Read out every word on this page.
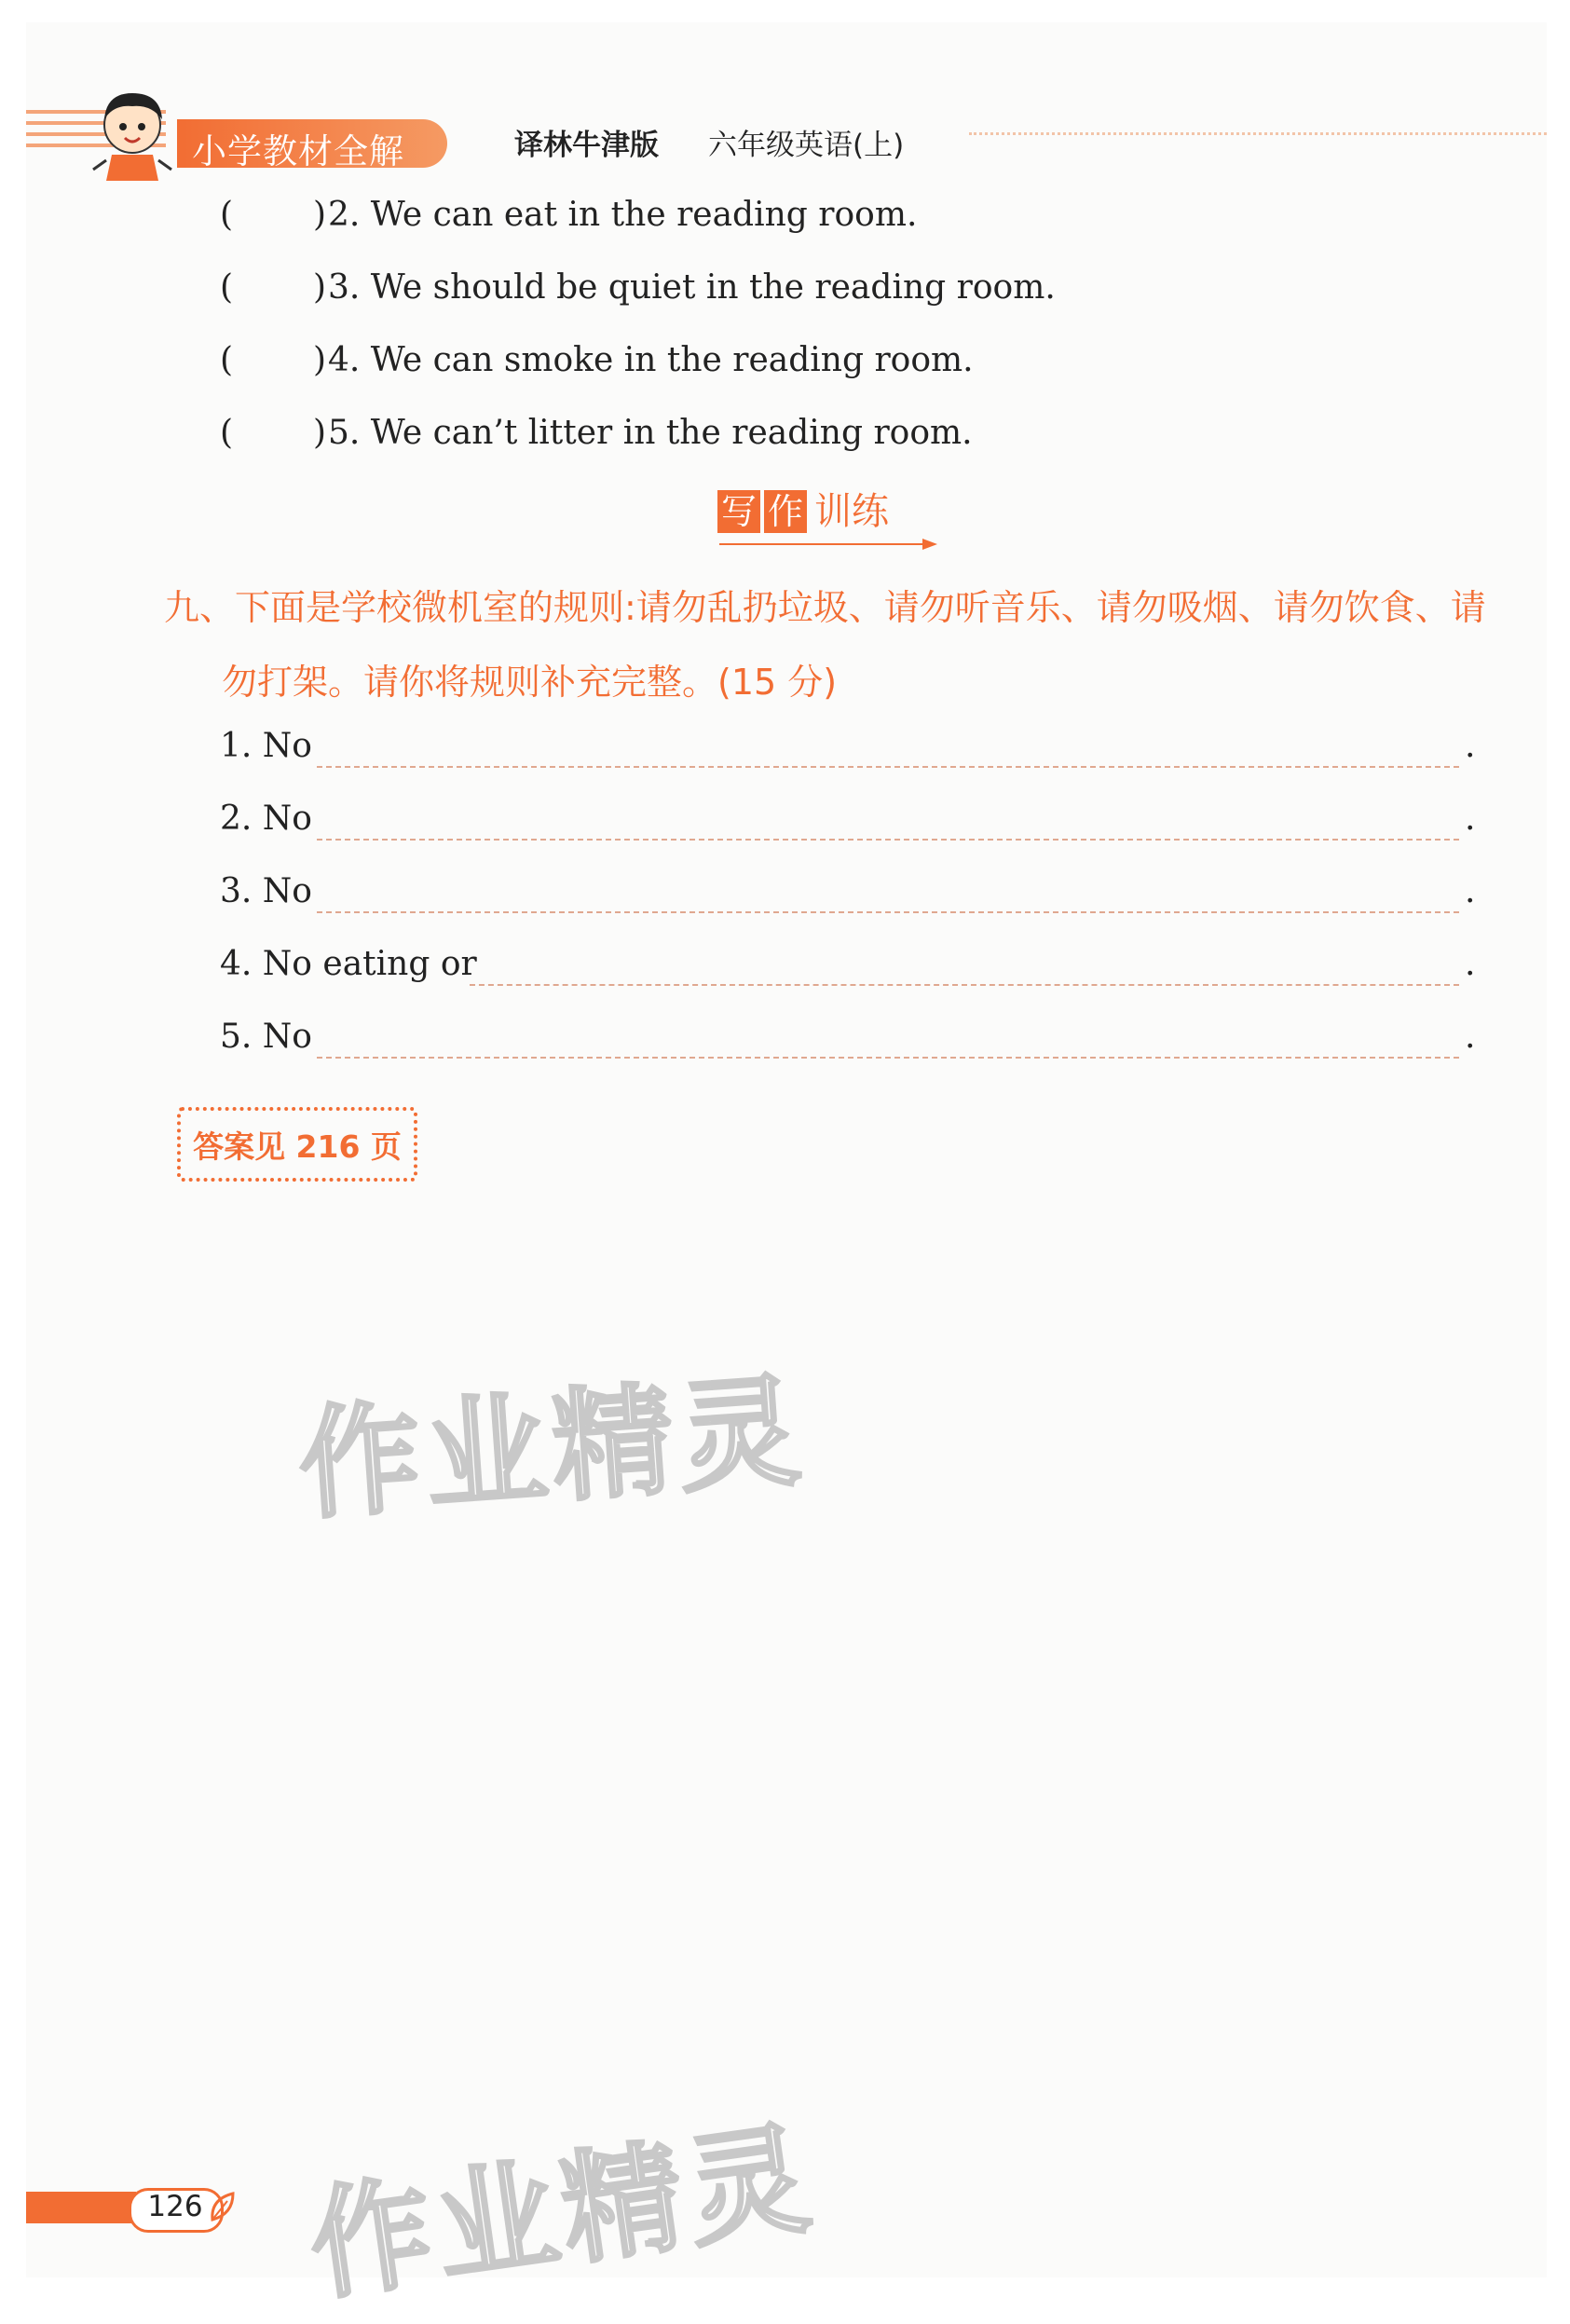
小学教材全解	译林牛津版 六年级英语(上)
( ) 2. We can eat in the reading room.
( ) 3. We should be quiet in the reading room.
( ) 4. We can smoke in the reading room.
( ) 5. We can’t litter in the reading room.
写 作 训练
九、下面是学校微机室的规则:请勿乱扔垃圾、请勿听音乐、请勿吸烟、请勿饮食、请
勿打架。请你将规则补充完整。(15 分)
1. No	.
2. No	.
3. No	.
4. No eating or	.
5. No	.
答案见 216 页
作业精灵
作业精灵
126
